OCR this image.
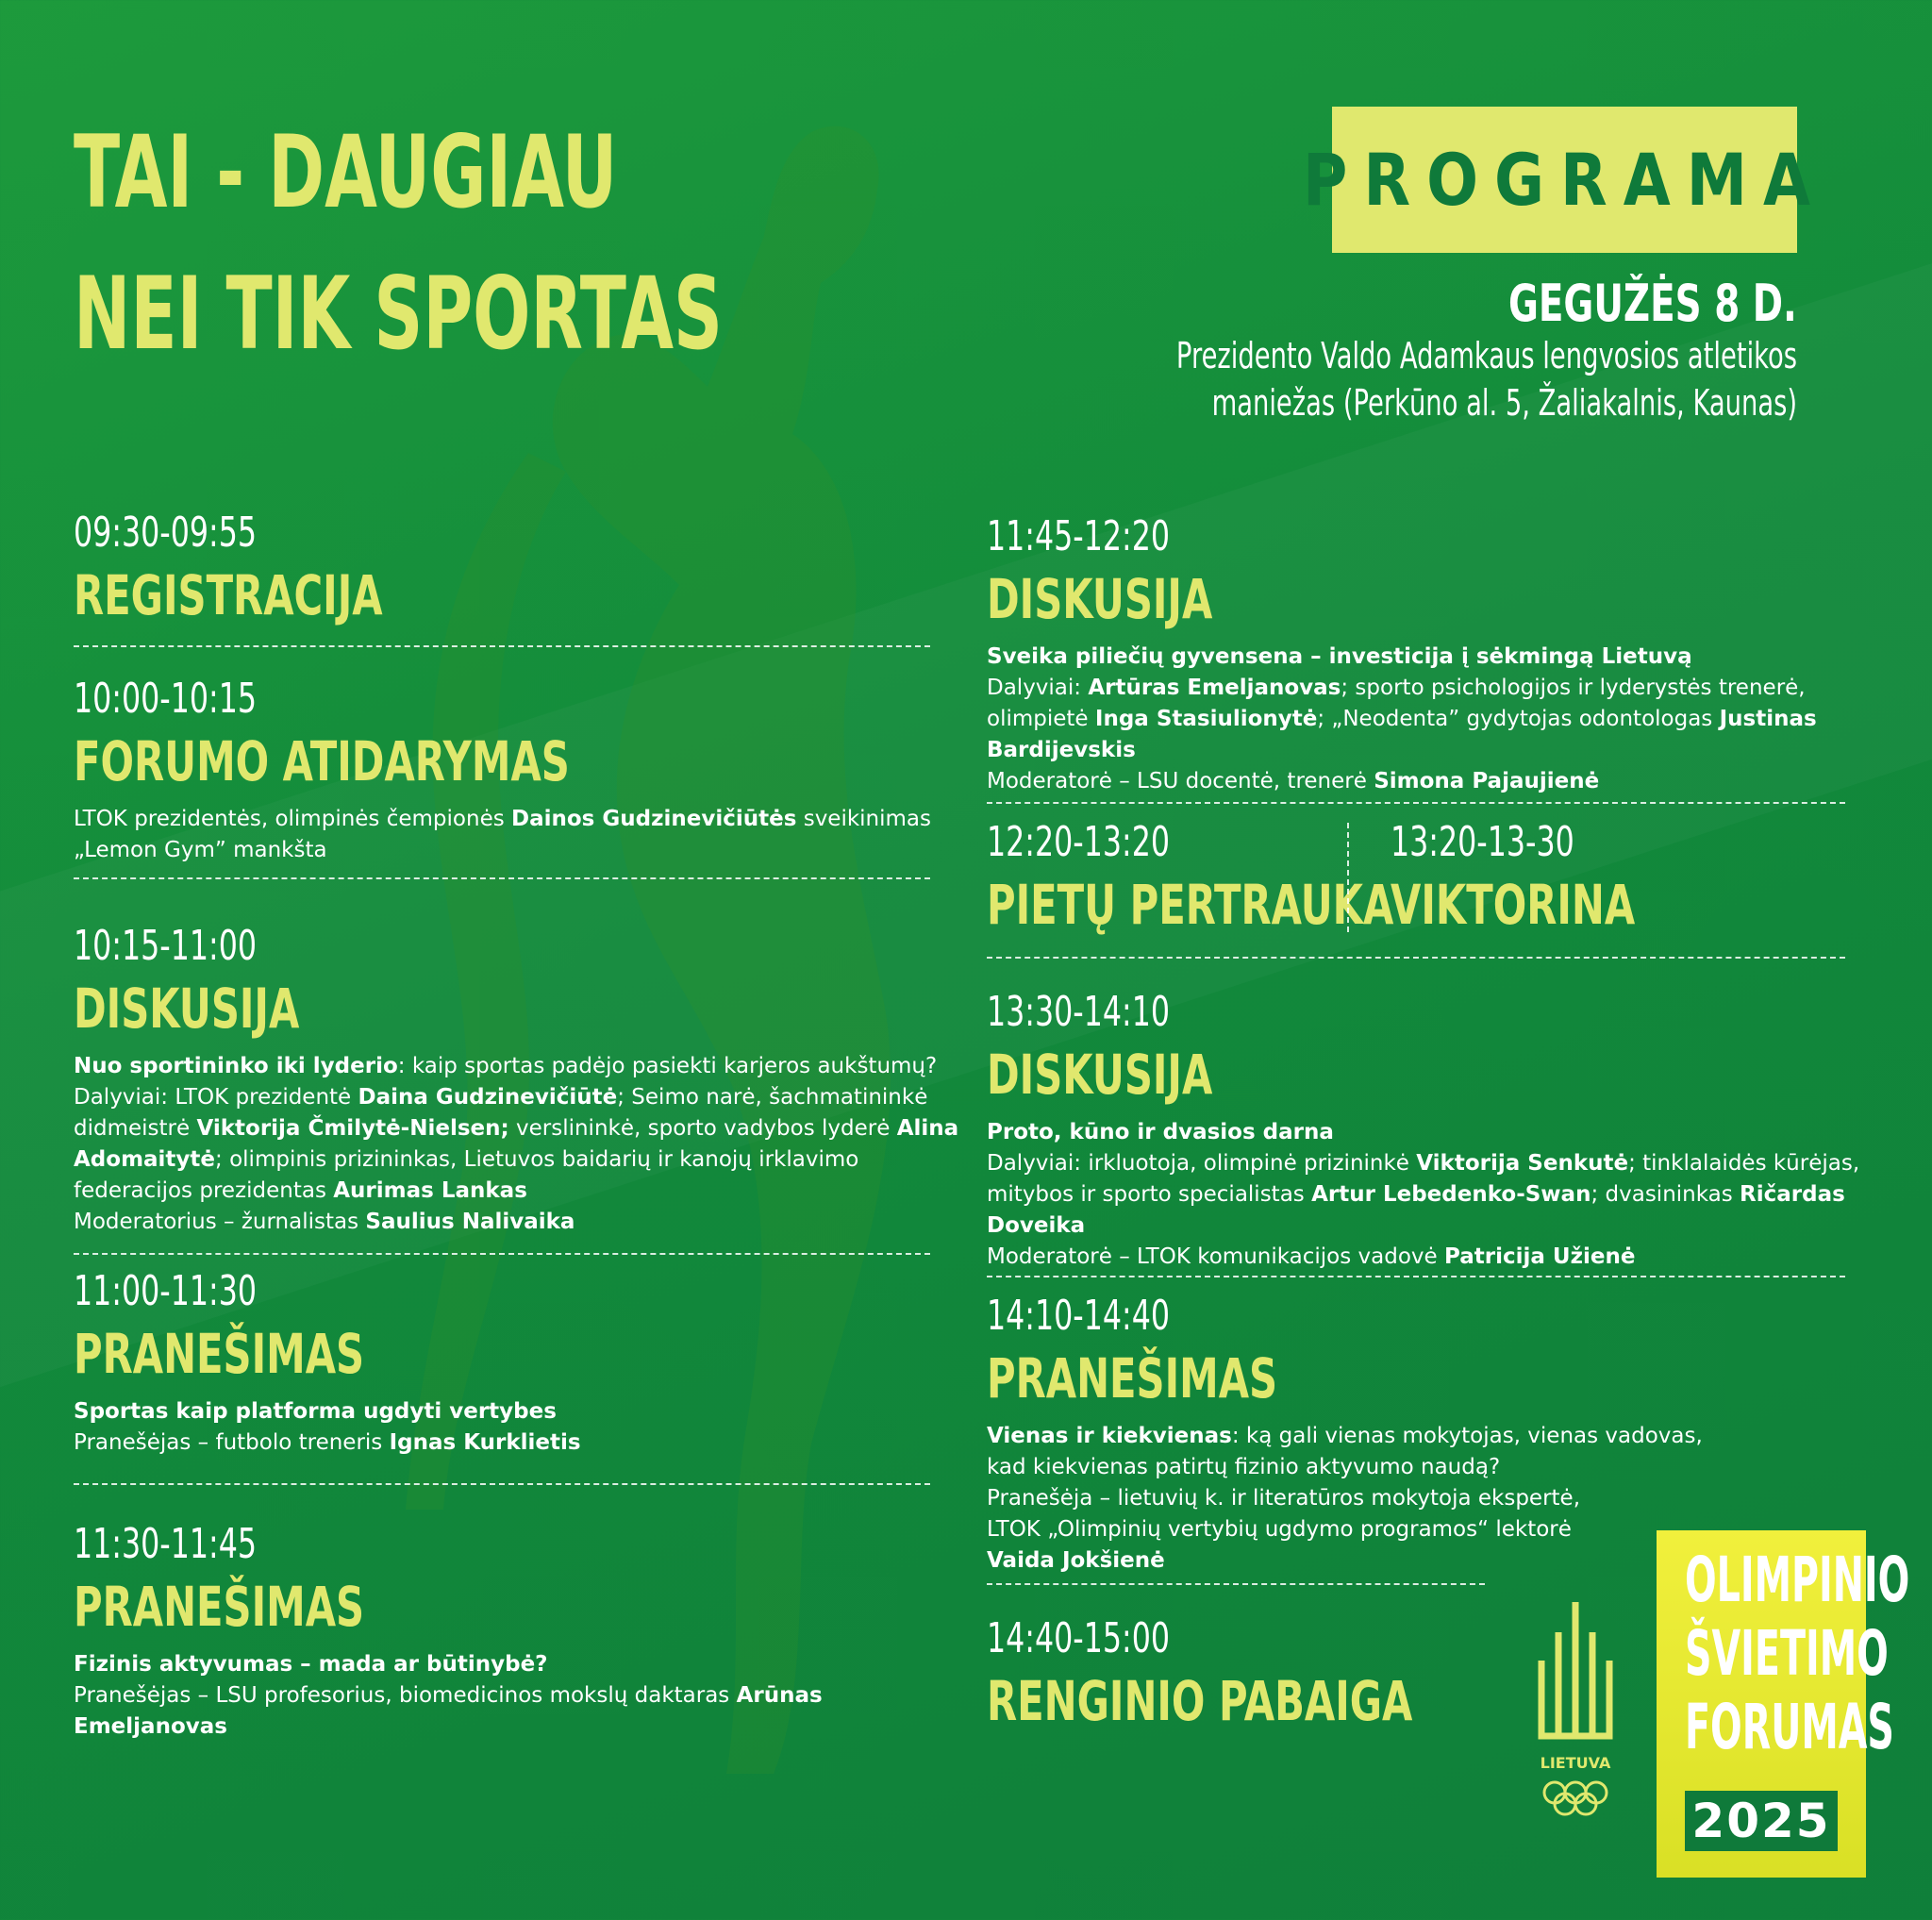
TAI - DAUGIAU
NEI TIK SPORTAS
PROGRAMA
GEGUŽĖS 8 D.
Prezidento Valdo Adamkaus lengvosios atletikos
maniežas (Perkūno al. 5, Žaliakalnis, Kaunas)
09:30-09:55
REGISTRACIJA
10:00-10:15
FORUMO ATIDARYMAS
LTOK prezidentės, olimpinės čempionės Dainos Gudzinevičiūtės sveikinimas
„Lemon Gym” mankšta
10:15-11:00
DISKUSIJA
Nuo sportininko iki lyderio: kaip sportas padėjo pasiekti karjeros aukštumų?
Dalyviai: LTOK prezidentė Daina Gudzinevičiūtė; Seimo narė, šachmatininkė
didmeistrė Viktorija Čmilytė-Nielsen; verslininkė, sporto vadybos lyderė Alina
Adomaitytė; olimpinis prizininkas, Lietuvos baidarių ir kanojų irklavimo
federacijos prezidentas Aurimas Lankas
Moderatorius – žurnalistas Saulius Nalivaika
11:00-11:30
PRANEŠIMAS
Sportas kaip platforma ugdyti vertybes
Pranešėjas – futbolo treneris Ignas Kurklietis
11:30-11:45
PRANEŠIMAS
Fizinis aktyvumas – mada ar būtinybė?
Pranešėjas – LSU profesorius, biomedicinos mokslų daktaras Arūnas
Emeljanovas
11:45-12:20
DISKUSIJA
Sveika piliečių gyvensena – investicija į sėkmingą Lietuvą
Dalyviai: Artūras Emeljanovas; sporto psichologijos ir lyderystės trenerė,
olimpietė Inga Stasiulionytė; „Neodenta” gydytojas odontologas Justinas
Bardijevskis
Moderatorė – LSU docentė, trenerė Simona Pajaujienė
12:20-13:20
PIETŲ PERTRAUKA
13:20-13-30
VIKTORINA
13:30-14:10
DISKUSIJA
Proto, kūno ir dvasios darna
Dalyviai: irkluotoja, olimpinė prizininkė Viktorija Senkutė; tinklalaidės kūrėjas,
mitybos ir sporto specialistas Artur Lebedenko-Swan; dvasininkas Ričardas
Doveika
Moderatorė – LTOK komunikacijos vadovė Patricija Užienė
14:10-14:40
PRANEŠIMAS
Vienas ir kiekvienas: ką gali vienas mokytojas, vienas vadovas,
kad kiekvienas patirtų fizinio aktyvumo naudą?
Pranešėja – lietuvių k. ir literatūros mokytoja ekspertė,
LTOK „Olimpinių vertybių ugdymo programos“ lektorė
Vaida Jokšienė
14:40-15:00
RENGINIO PABAIGA
LIETUVA
OLIMPINIO
ŠVIETIMO
FORUMAS
2025
